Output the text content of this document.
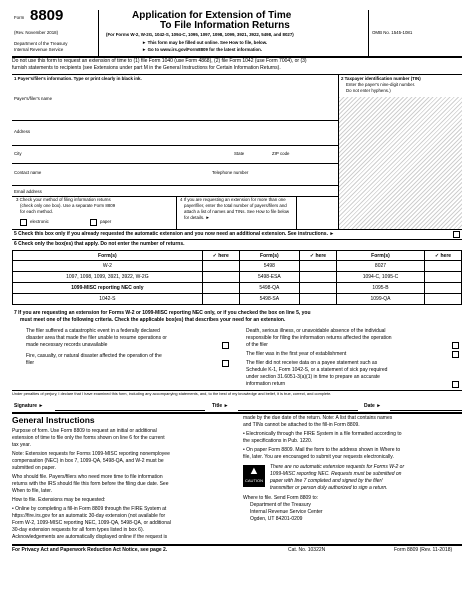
Form 8809
(Rev. November 2018)
Department of the Treasury
Internal Revenue Service
Application for Extension of Time
To File Information Returns
(For Forms W-2, W-2G, 1042-S, 1094-C, 1095, 1097, 1098, 1099, 3921, 3922, 5498, and 8027)
► This form may be filled out online. See How to file, below.
► Go to www.irs.gov/Form8809 for the latest information.
OMB No. 1545-1081
Do not use this form to request an extension of time to (1) file Form 1040 (use Form 4868), (2) file Form 1042 (use Form 7004), or (3)
furnish statements to recipients (see Extensions under part M in the General Instructions for Certain Information Returns).
1 Payer's/filer's information. Type or print clearly in black ink.	2 Taxpayer identification number (TIN)
Enter the payer's nine-digit number.
Do not enter hyphens.)
Payer's/filer's name
Address
City	State	ZIP code
Contact name	Telephone number
Email address
3 Check your method of filing information returns
(check only one box). Use a separate Form 8809
for each method.
electronic	paper
4 If you are requesting an extension for more than one
payer/filer, enter the total number of payers/filers and
attach a list of names and TINs. See How to file below
for details. ►
5 Check this box only if you already requested the automatic extension and you now need an additional extension. See instructions. ►
6 Check only the box(es) that apply. Do not enter the number of returns.
Form(s)	✓ here	Form(s)	✓ here	Form(s)	✓ here
W-2		5498		8027	
1097, 1098, 1099, 3921, 3922, W-2G		5498-ESA		1094-C, 1095-C	
1099-MISC reporting NEC only		5498-QA		1095-B	
1042-S		5498-SA		1099-QA	
7 If you are requesting an extension for Forms W-2 or 1099-MISC reporting NEC only, or if you checked the box on line 5, you
must meet one of the following criteria. Check the applicable box(es) that describes your need for an extension.
The filer suffered a catastrophic event in a federally declared
disaster area that made the filer unable to resume operations or
made necessary records unavailable
Fire, casualty, or natural disaster affected the operation of the
filer
Death, serious illness, or unavoidable absence of the individual
responsible for filing the information returns affected the operation
of the filer
The filer was in the first year of establishment
The filer did not receive data on a payee statement such as
Schedule K-1, Form 1042-S, or a statement of sick pay required
under section 31.6051-3(a)(1) in time to prepare an accurate
information return
Under penalties of perjury, I declare that I have examined this form, including any accompanying statements, and, to the best of my knowledge and belief, it is true, correct, and complete.
Signature ►	Title ►	Date ►
General Instructions
Purpose of form. Use Form 8809 to request an initial or additional
extension of time to file only the forms shown on line 6 for the current
tax year.
Note: Extension requests for Forms 1099-MISC reporting nonemployee
compensation (NEC) in box 7, 1099-QA, 5498-QA, and W-2 must be
submitted on paper.
Who should file. Payers/filers who need more time to file information
returns with the IRS should file this form before the filing due date. See
When to file, later.
How to file. Extensions may be requested:
• Online by completing a fill-in Form 8809 through the FIRE System at
https://fire.irs.gov for an automatic 30-day extension (not available for
Form W-2, 1099-MISC reporting NEC, 1099-QA, 5498-QA, or additional
30-day extension requests for all form types listed in box 6).
Acknowledgements are automatically displayed online if the request is
made by the due date of the return. Note: A list that contains names
and TINs cannot be attached to the fill-in Form 8809.
• Electronically through the FIRE System in a file formatted according to
the specifications in Pub. 1220.
• On paper Form 8809. Mail the form to the address shown in Where to
file, later. You are encouraged to submit your requests electronically.
▲
CAUTION
There are no automatic extension requests for Forms W-2 or
1099-MISC reporting NEC. Requests must be submitted on
paper with line 7 completed and signed by the filer/
transmitter or person duly authorized to sign a return.
Where to file. Send Form 8809 to:
Department of the Treasury
Internal Revenue Service Center
Ogden, UT 84201-0209
For Privacy Act and Paperwork Reduction Act Notice, see page 2.	Cat. No. 10322N	Form 8809 (Rev. 11-2018)
